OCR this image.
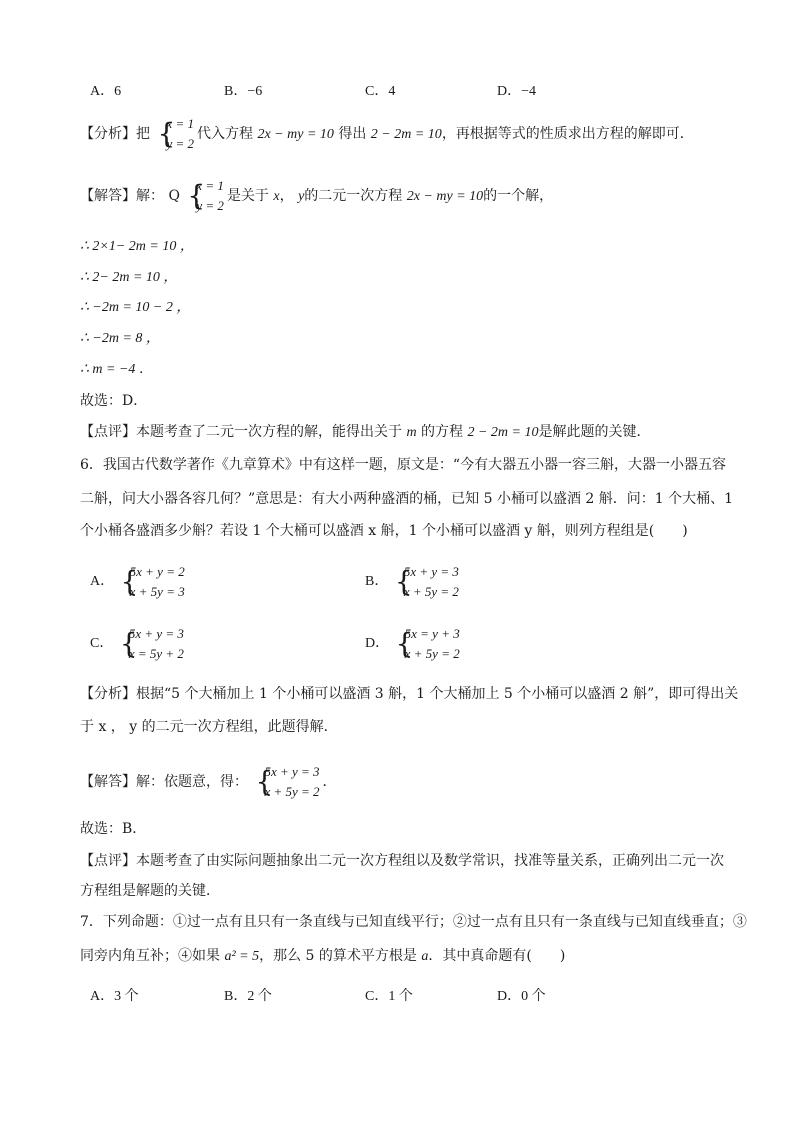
A．6	B．−6	C．4	D．−4
【分析】把 {
x = 1
y = 2
代入方程 2x − my = 10 得出 2 − 2m = 10，再根据等式的性质求出方程的解即可．
【解答】解： Q {
x = 1
y = 2
是关于 x， y的二元一次方程 2x − my = 10的一个解，
∴ 2×1− 2m = 10 ，
∴ 2− 2m = 10 ，
∴ −2m = 10 − 2 ，
∴ −2m = 8 ，
∴ m = −4 ．
故选：D．
【点评】本题考查了二元一次方程的解，能得出关于 m 的方程 2 − 2m = 10是解此题的关键．
6．我国古代数学著作《九章算术》中有这样一题，原文是：“今有大器五小器一容三斛，大器一小器五容
二斛，问大小器各容几何？”意思是：有大小两种盛酒的桶，已知 5 小桶可以盛酒 2 斛．问：1 个大桶、1
个小桶各盛酒多少斛？若设 1 个大桶可以盛酒 x 斛，1 个小桶可以盛酒 y 斛，则列方程组是(　　)
A． {
5x + y = 2
x + 5y = 3
B． {
5x + y = 3
x + 5y = 2
C． {
5x + y = 3
x = 5y + 2
D． {
5x = y + 3
x + 5y = 2
【分析】根据“5 个大桶加上 1 个小桶可以盛酒 3 斛，1 个大桶加上 5 个小桶可以盛酒 2 斛”，即可得出关
于 x ， y 的二元一次方程组，此题得解．
【解答】解：依题意，得： {
5x + y = 3
x + 5y = 2
．
故选：B．
【点评】本题考查了由实际问题抽象出二元一次方程组以及数学常识，找准等量关系，正确列出二元一次
方程组是解题的关键．
7．下列命题：①过一点有且只有一条直线与已知直线平行；②过一点有且只有一条直线与已知直线垂直；③
同旁内角互补；④如果 a² = 5，那么 5 的算术平方根是 a．其中真命题有(　　)
A．3 个	B．2 个	C．1 个	D．0 个
